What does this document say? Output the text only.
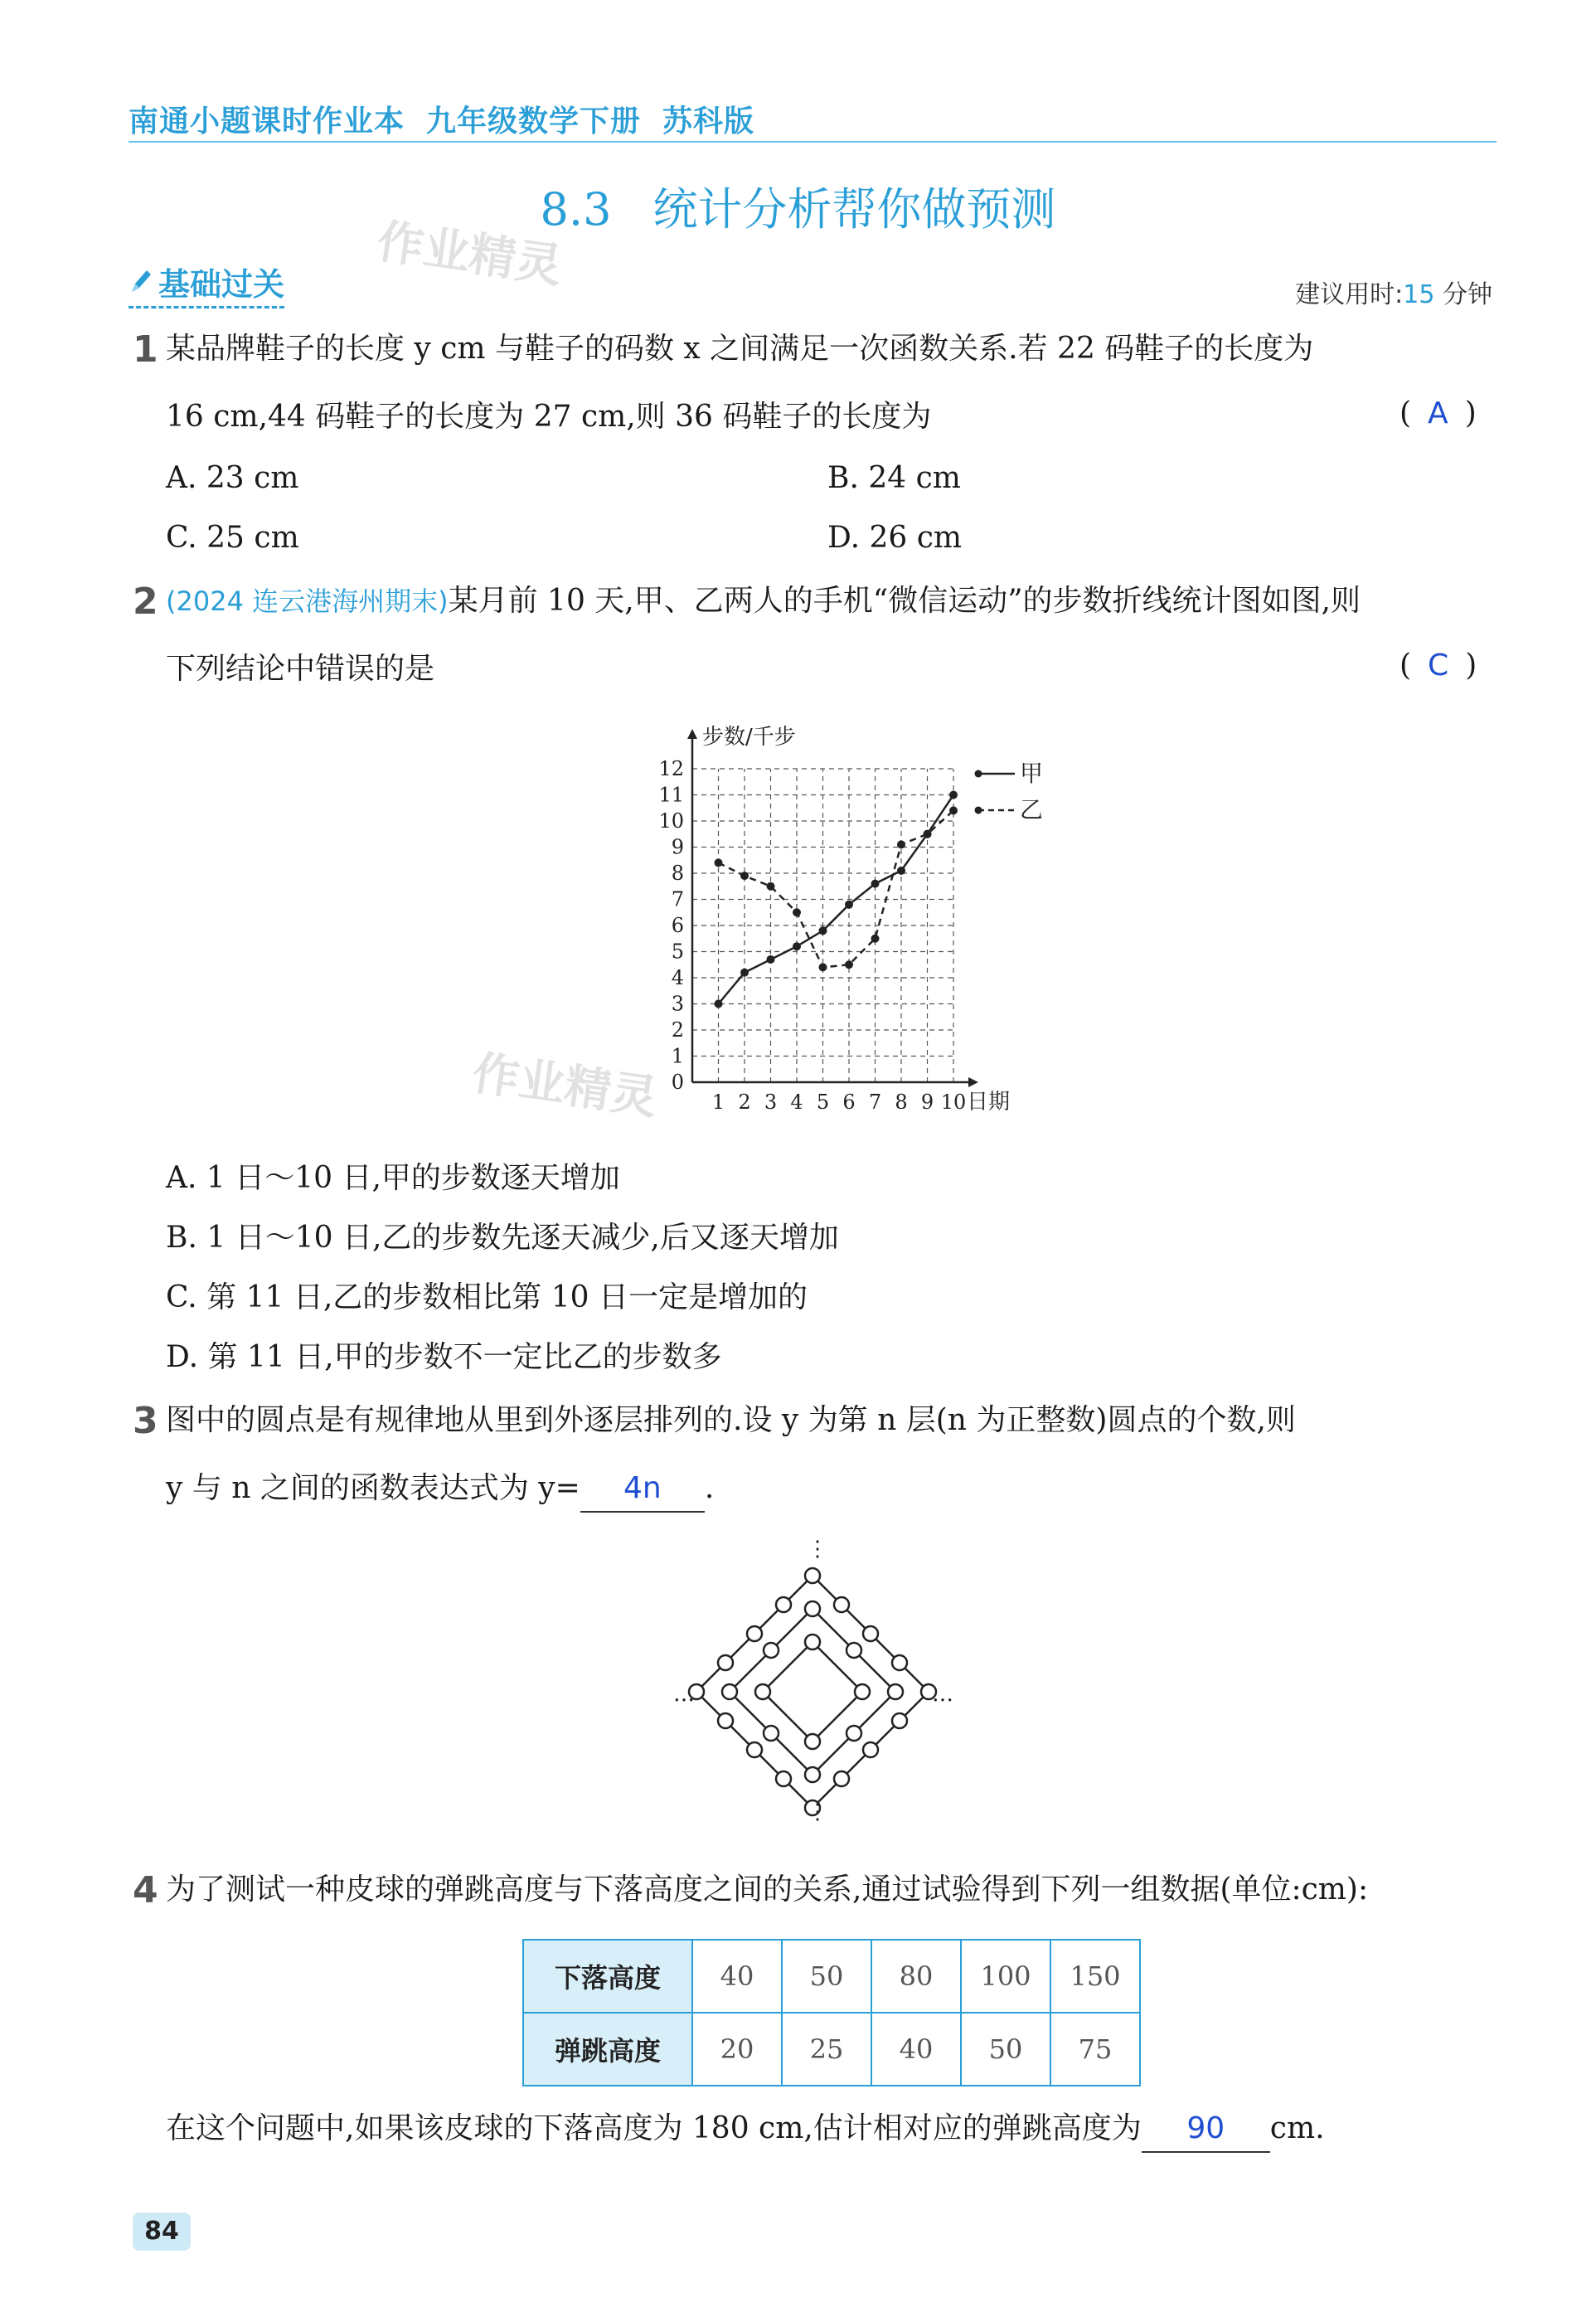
南通小题课时作业本 九年级数学下册 苏科版
8.3 统计分析帮你做预测
作业精灵
基础过关	建议用时:15 分钟
1 某品牌鞋子的长度 y cm 与鞋子的码数 x 之间满足一次函数关系.若 22 码鞋子的长度为
16 cm,44 码鞋子的长度为 27 cm,则 36 码鞋子的长度为	( A )
A. 23 cm	B. 24 cm
C. 25 cm	D. 26 cm
2 (2024 连云港海州期末)某月前 10 天,甲、乙两人的手机“微信运动”的步数折线统计图如图,则
下列结论中错误的是	( C )
0
1
2
3
4
5
6
7
8
9
10
11
12
1 2 3 4 5 6 7 8 9 10
步数/千步
日期
甲
乙
作业精灵
A. 1 日～10 日,甲的步数逐天增加
B. 1 日～10 日,乙的步数先逐天减少,后又逐天增加
C. 第 11 日,乙的步数相比第 10 日一定是增加的
D. 第 11 日,甲的步数不一定比乙的步数多
3 图中的圆点是有规律地从里到外逐层排列的.设 y 为第 n 层(n 为正整数)圆点的个数,则
y 与 n 之间的函数表达式为 y= 4n .
⋮
⋮
…	…
4 为了测试一种皮球的弹跳高度与下落高度之间的关系,通过试验得到下列一组数据(单位:cm):
下落高度	40	50	80	100	150
弹跳高度	20	25	40	50	75
在这个问题中,如果该皮球的下落高度为 180 cm,估计相对应的弹跳高度为 90 cm.
84
